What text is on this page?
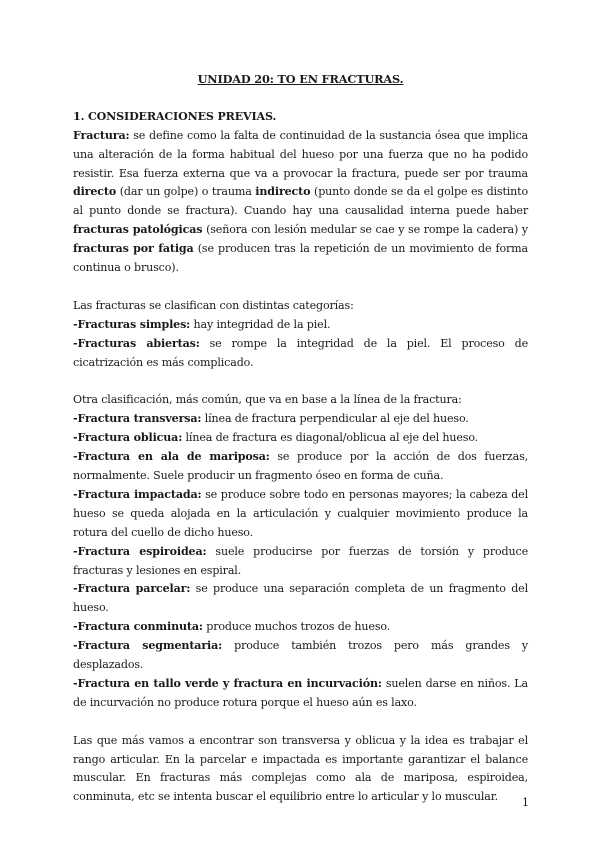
UNIDAD 20: TO EN FRACTURAS.
1. CONSIDERACIONES PREVIAS.

Fractura: se define como la falta de continuidad de la sustancia ósea que implica una alteración de la forma habitual del hueso por una fuerza que no ha podido resistir. Esa fuerza externa que va a provocar la fractura, puede ser por trauma directo (dar un golpe) o trauma indirecto (punto donde se da el golpe es distinto al punto donde se fractura). Cuando hay una causalidad interna puede haber fracturas patológicas (señora con lesión medular se cae y se rompe la cadera) y fracturas por fatiga (se producen tras la repetición de un movimiento de forma continua o brusco).

Las fracturas se clasifican con distintas categorías:

-Fracturas simples: hay integridad de la piel.

-Fracturas abiertas: se rompe la integridad de la piel. El proceso de cicatrización es más complicado.

Otra clasificación, más común, que va en base a la línea de la fractura:

-Fractura transversa: línea de fractura perpendicular al eje del hueso.

-Fractura oblicua: línea de fractura es diagonal/oblicua al eje del hueso.

-Fractura en ala de mariposa: se produce por la acción de dos fuerzas, normalmente. Suele producir un fragmento óseo en forma de cuña.

-Fractura impactada: se produce sobre todo en personas mayores; la cabeza del hueso se queda alojada en la articulación y cualquier movimiento produce la rotura del cuello de dicho hueso.

-Fractura espiroidea: suele producirse por fuerzas de torsión y produce fracturas y lesiones en espiral.

-Fractura parcelar: se produce una separación completa de un fragmento del hueso.

-Fractura conminuta: produce muchos trozos de hueso.

-Fractura segmentaria: produce también trozos pero más grandes y desplazados.

-Fractura en tallo verde y fractura en incurvación: suelen darse en niños. La de incurvación no produce rotura porque el hueso aún es laxo.

Las que más vamos a encontrar son transversa y oblicua y la idea es trabajar el rango articular. En la parcelar e impactada es importante garantizar el balance muscular. En fracturas más complejas como ala de mariposa, espiroidea, conminuta, etc se intenta buscar el equilibrio entre lo articular y lo muscular.	1
